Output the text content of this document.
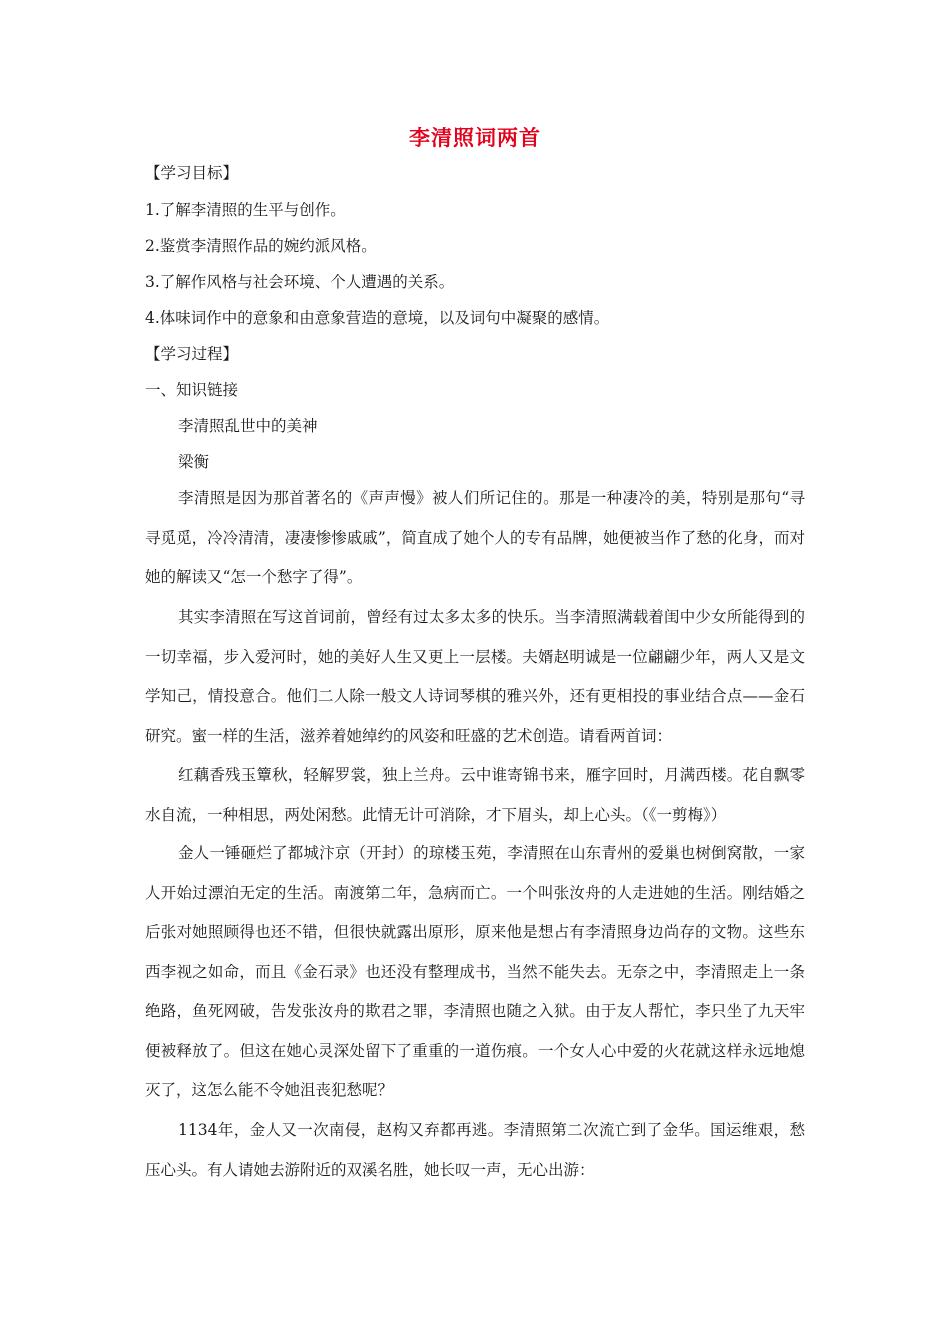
李清照词两首
【学习目标】
1.了解李清照的生平与创作。
2.鉴赏李清照作品的婉约派风格。
3.了解作风格与社会环境、个人遭遇的关系。
4.体味词作中的意象和由意象营造的意境，以及词句中凝聚的感情。
【学习过程】
一、知识链接
李清照乱世中的美神
梁衡

李清照是因为那首著名的《声声慢》被人们所记住的。那是一种凄冷的美，特别是那句“寻寻觅觅，冷冷清清，凄凄惨惨戚戚”，简直成了她个人的专有品牌，她便被当作了愁的化身，而对她的解读又“怎一个愁字了得”。

其实李清照在写这首词前，曾经有过太多太多的快乐。当李清照满载着闺中少女所能得到的一切幸福，步入爱河时，她的美好人生又更上一层楼。夫婿赵明诚是一位翩翩少年，两人又是文学知己，情投意合。他们二人除一般文人诗词琴棋的雅兴外，还有更相投的事业结合点——金石研究。蜜一样的生活，滋养着她绰约的风姿和旺盛的艺术创造。请看两首词：

红藕香残玉簟秋，轻解罗裳，独上兰舟。云中谁寄锦书来，雁字回时，月满西楼。花自飘零水自流，一种相思，两处闲愁。此情无计可消除，才下眉头，却上心头。（《一剪梅》）

金人一锤砸烂了都城汴京（开封）的琼楼玉苑，李清照在山东青州的爱巢也树倒窝散，一家人开始过漂泊无定的生活。南渡第二年，急病而亡。一个叫张汝舟的人走进她的生活。刚结婚之后张对她照顾得也还不错，但很快就露出原形，原来他是想占有李清照身边尚存的文物。这些东西李视之如命，而且《金石录》也还没有整理成书，当然不能失去。无奈之中，李清照走上一条绝路，鱼死网破，告发张汝舟的欺君之罪，李清照也随之入狱。由于友人帮忙，李只坐了九天牢便被释放了。但这在她心灵深处留下了重重的一道伤痕。一个女人心中爱的火花就这样永远地熄灭了，这怎么能不令她沮丧犯愁呢？

1134年，金人又一次南侵，赵构又弃都再逃。李清照第二次流亡到了金华。国运维艰，愁压心头。有人请她去游附近的双溪名胜，她长叹一声，无心出游：
